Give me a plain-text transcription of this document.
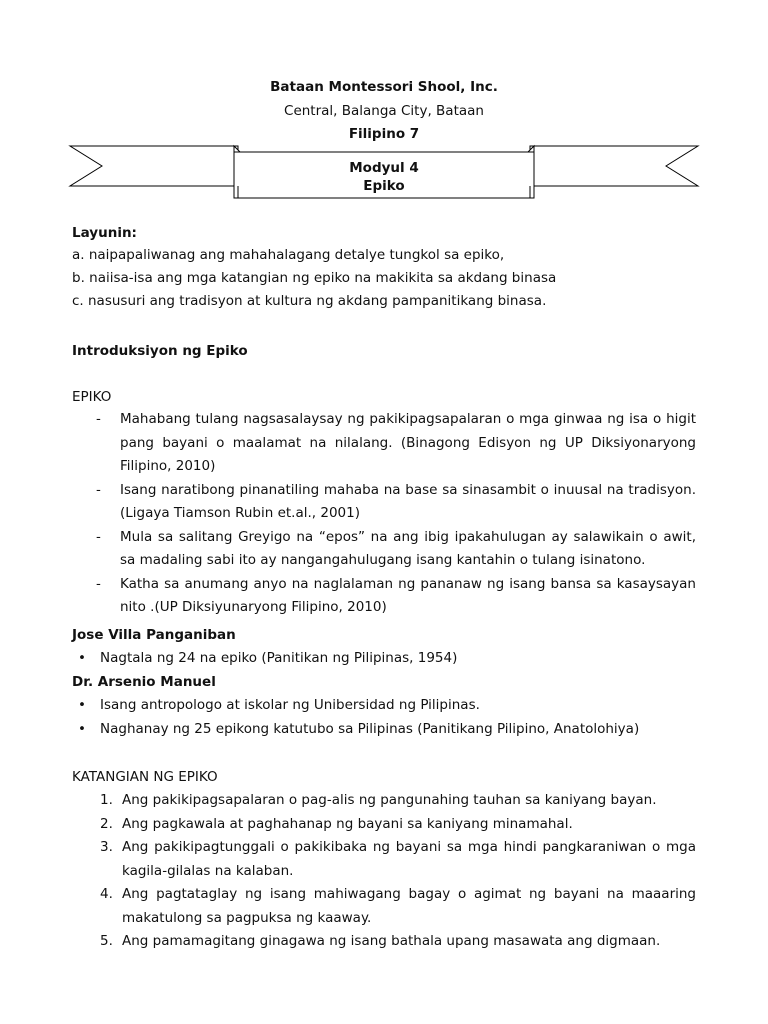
Bataan Montessori Shool, Inc.
Central, Balanga City, Bataan
Filipino 7
Modyul 4
Epiko
Layunin:
a. naipapaliwanag ang mahahalagang detalye tungkol sa epiko,
b. naiisa-isa ang mga katangian ng epiko na makikita sa akdang binasa
c. nasusuri ang tradisyon at kultura ng akdang pampanitikang binasa.
Introduksiyon ng Epiko
EPIKO
- Mahabang tulang nagsasalaysay ng pakikipagsapalaran o mga ginwaa ng isa o higit pang bayani o maalamat na nilalang. (Binagong Edisyon ng UP Diksiyonaryong Filipino, 2010)
- Isang naratibong pinanatiling mahaba na base sa sinasambit o inuusal na tradisyon. (Ligaya Tiamson Rubin et.al., 2001)
- Mula sa salitang Greyigo na “epos” na ang ibig ipakahulugan ay salawikain o awit, sa madaling sabi ito ay nangangahulugang isang kantahin o tulang isinatono.
- Katha sa anumang anyo na naglalaman ng pananaw ng isang bansa sa kasaysayan nito .(UP Diksiyunaryong Filipino, 2010)
Jose Villa Panganiban
• Nagtala ng 24 na epiko (Panitikan ng Pilipinas, 1954)
Dr. Arsenio Manuel
• Isang antropologo at iskolar ng Unibersidad ng Pilipinas.
• Naghanay ng 25 epikong katutubo sa Pilipinas (Panitikang Pilipino, Anatolohiya)
KATANGIAN NG EPIKO
1. Ang pakikipagsapalaran o pag-alis ng pangunahing tauhan sa kaniyang bayan.
2. Ang pagkawala at paghahanap ng bayani sa kaniyang minamahal.
3. Ang pakikipagtunggali o pakikibaka ng bayani sa mga hindi pangkaraniwan o mga kagila-gilalas na kalaban.
4. Ang pagtataglay ng isang mahiwagang bagay o agimat ng bayani na maaaring makatulong sa pagpuksa ng kaaway.
5. Ang pamamagitang ginagawa ng isang bathala upang masawata ang digmaan.
